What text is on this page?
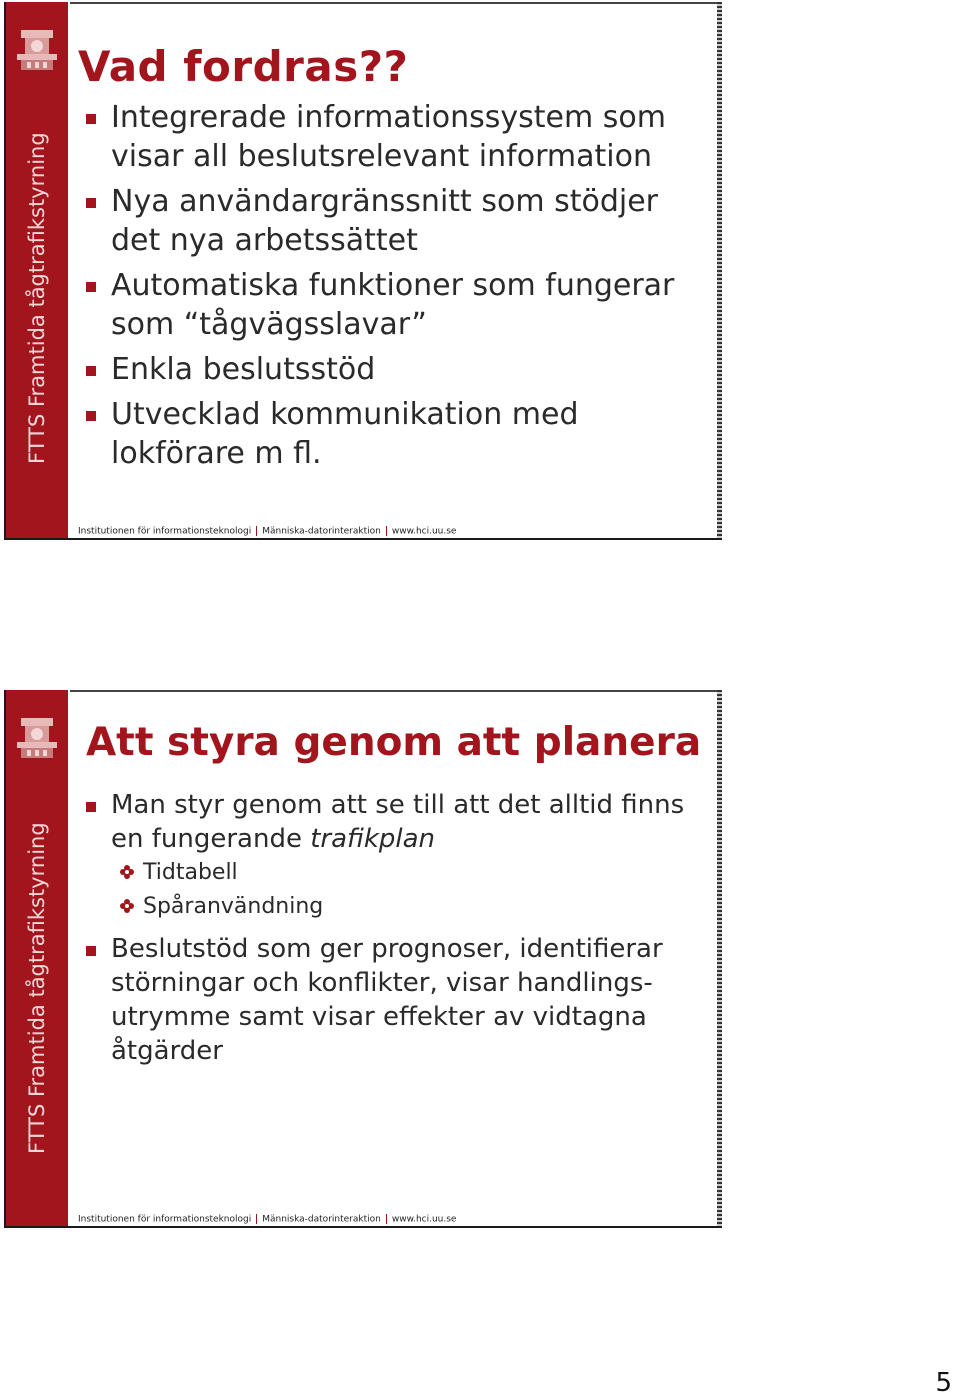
FTTS Framtida tågtrafikstyrning
Vad fordras??
Integrerade informationssystem som visar all beslutsrelevant information
Nya användargränssnitt som stödjer det nya arbetssättet
Automatiska funktioner som fungerar som “tågvägsslavar”
Enkla beslutsstöd
Utvecklad kommunikation med lokförare m fl.
Institutionen för informationsteknologi Människa-datorinteraktion www.hci.uu.se
FTTS Framtida tågtrafikstyrning
Att styra genom att planera
Man styr genom att se till att det alltid finns en fungerande trafikplan
Tidtabell
Spåranvändning
Beslutstöd som ger prognoser, identifierar störningar och konflikter, visar handlings-utrymme samt visar effekter av vidtagna åtgärder
Institutionen för informationsteknologi Människa-datorinteraktion www.hci.uu.se
5
